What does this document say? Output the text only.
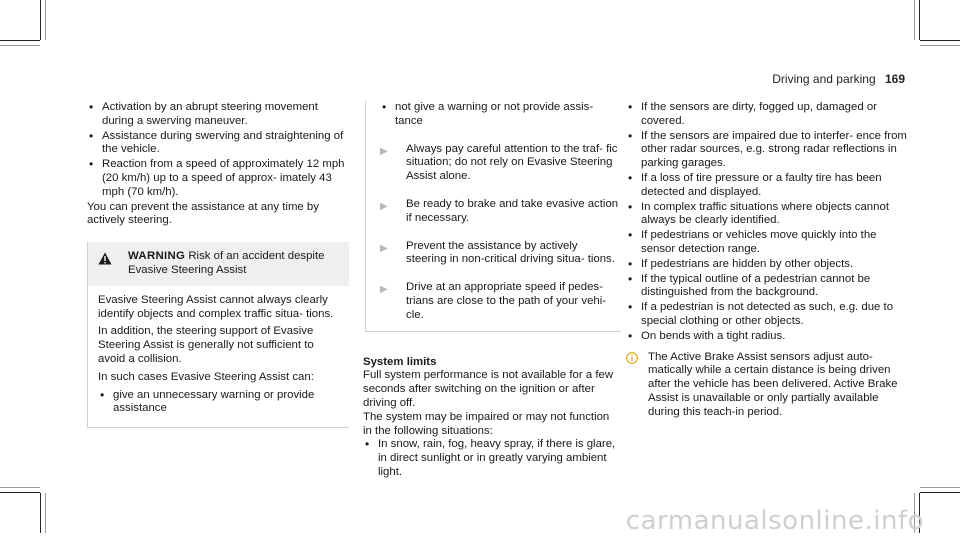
Driving and parking 169
• Activation by an abrupt steering movement during a swerving maneuver.
• Assistance during swerving and straightening of the vehicle.
• Reaction from a speed of approximately 12 mph (20 km/h) up to a speed of approx- imately 43 mph (70 km/h).

You can prevent the assistance at any time by actively steering.

WARNING Risk of an accident despite Evasive Steering Assist

Evasive Steering Assist cannot always clearly identify objects and complex traffic situa- tions.

In addition, the steering support of Evasive Steering Assist is generally not sufficient to avoid a collision.

In such cases Evasive Steering Assist can:

• give an unnecessary warning or provide assistance
• not give a warning or not provide assis- tance
▶	Always pay careful attention to the traf- fic situation; do not rely on Evasive Steering Assist alone.
▶	Be ready to brake and take evasive action if necessary.
▶	Prevent the assistance by actively steering in non-critical driving situa- tions.
▶	Drive at an appropriate speed if pedes- trians are close to the path of your vehi- cle.

System limits

Full system performance is not available for a few seconds after switching on the ignition or after driving off.

The system may be impaired or may not function in the following situations:

• In snow, rain, fog, heavy spray, if there is glare, in direct sunlight or in greatly varying ambient light.
• If the sensors are dirty, fogged up, damaged or covered.
• If the sensors are impaired due to interfer- ence from other radar sources, e.g. strong radar reflections in parking garages.
• If a loss of tire pressure or a faulty tire has been detected and displayed.
• In complex traffic situations where objects cannot always be clearly identified.
• If pedestrians or vehicles move quickly into the sensor detection range.
• If pedestrians are hidden by other objects.
• If the typical outline of a pedestrian cannot be distinguished from the background.
• If a pedestrian is not detected as such, e.g. due to special clothing or other objects.
• On bends with a tight radius.
The Active Brake Assist sensors adjust auto- matically while a certain distance is being driven after the vehicle has been delivered. Active Brake Assist is unavailable or only partially available during this teach-in period.
carmanualsonline.info
